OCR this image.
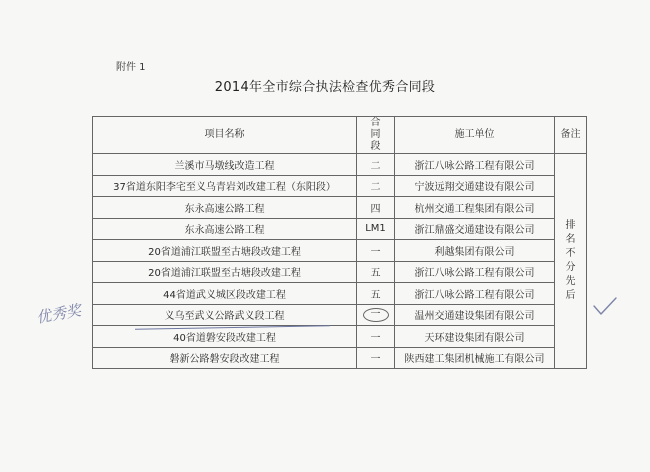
附件 1
2014年全市综合执法检查优秀合同段
项目名称	合同段	施工单位	备注
兰溪市马墩线改造工程	二	浙江八咏公路工程有限公司	排名不分先后

37省道东阳李宅至义乌青岩刘改建工程（东阳段）	二	宁波远翔交通建设有限公司	
东永高速公路工程	四	杭州交通工程集团有限公司	
东永高速公路工程	LM1	浙江鼎盛交通建设有限公司	
20省道浦江联盟至古塘段改建工程	一	利越集团有限公司	
20省道浦江联盟至古塘段改建工程	五	浙江八咏公路工程有限公司	
44省道武义城区段改建工程	五	浙江八咏公路工程有限公司	
义乌至武义公路武义段工程	一	温州交通建设集团有限公司	
40省道磐安段改建工程	一	天环建设集团有限公司	
磐新公路磐安段改建工程	一	陕西建工集团机械施工有限公司	
优秀奖
